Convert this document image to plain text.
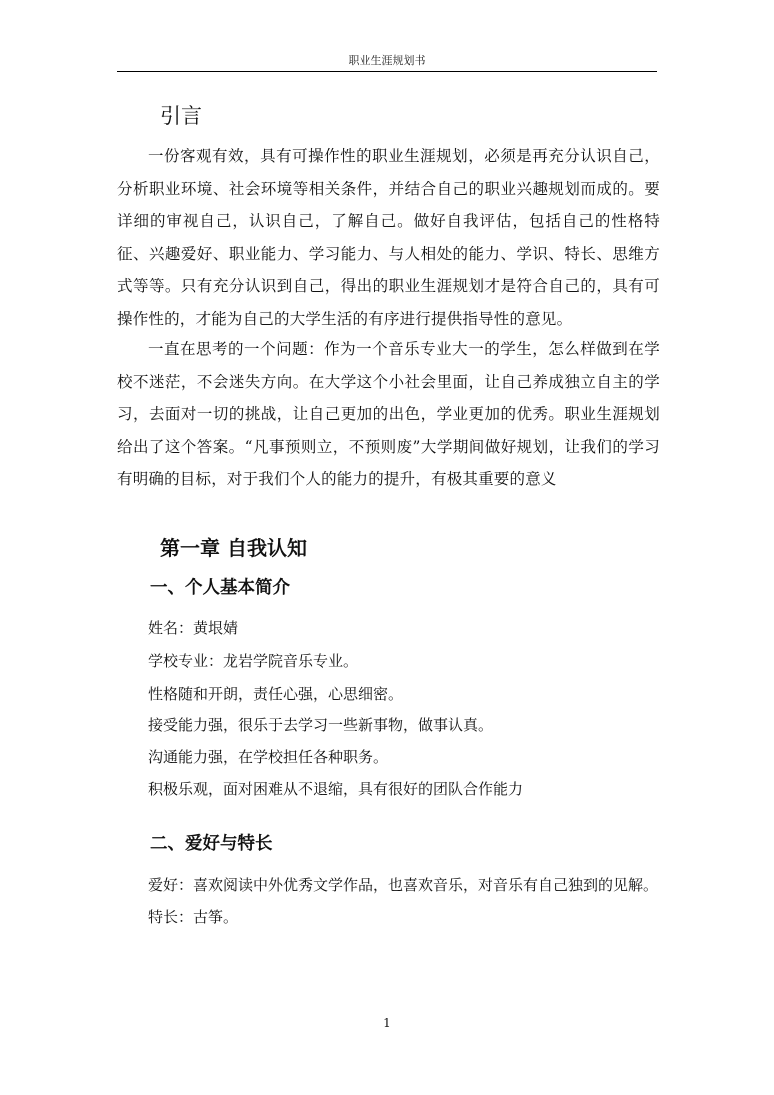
职业生涯规划书
引言

一份客观有效，具有可操作性的职业生涯规划，必须是再充分认识自己，分析职业环境、社会环境等相关条件，并结合自己的职业兴趣规划而成的。要详细的审视自己，认识自己，了解自己。做好自我评估，包括自己的性格特征、兴趣爱好、职业能力、学习能力、与人相处的能力、学识、特长、思维方式等等。只有充分认识到自己，得出的职业生涯规划才是符合自己的，具有可操作性的，才能为自己的大学生活的有序进行提供指导性的意见。

一直在思考的一个问题：作为一个音乐专业大一的学生，怎么样做到在学校不迷茫，不会迷失方向。在大学这个小社会里面，让自己养成独立自主的学习，去面对一切的挑战，让自己更加的出色，学业更加的优秀。职业生涯规划给出了这个答案。“凡事预则立，不预则废”大学期间做好规划，让我们的学习有明确的目标，对于我们个人的能力的提升，有极其重要的意义

第一章 自我认知
一、个人基本简介

姓名：黄垠婧

学校专业：龙岩学院音乐专业。

性格随和开朗，责任心强，心思细密。

接受能力强，很乐于去学习一些新事物，做事认真。

沟通能力强，在学校担任各种职务。

积极乐观，面对困难从不退缩，具有很好的团队合作能力

二、爱好与特长

爱好：喜欢阅读中外优秀文学作品，也喜欢音乐，对音乐有自己独到的见解。

特长：古筝。

1
